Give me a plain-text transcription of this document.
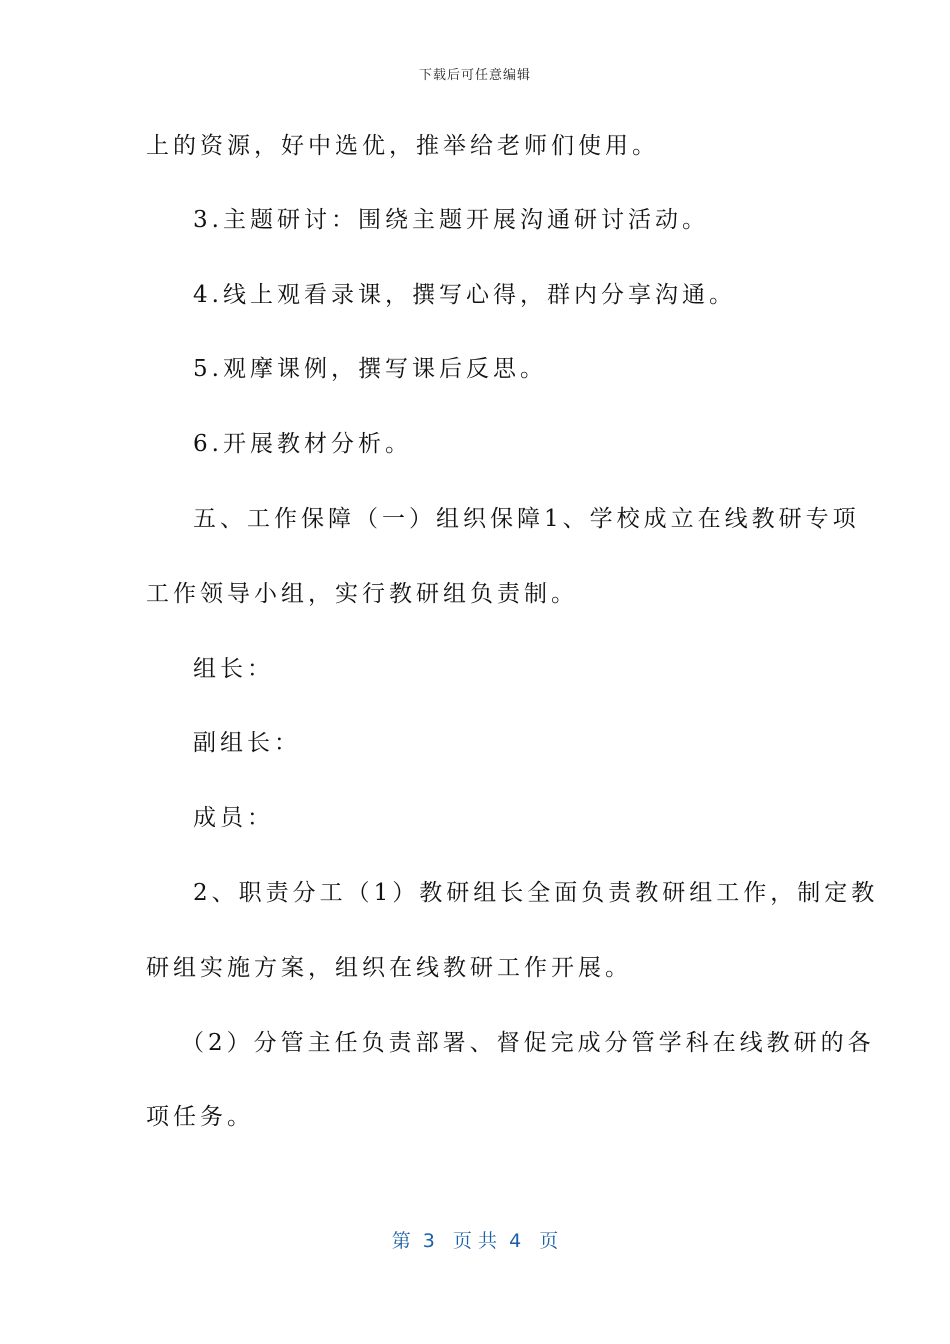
下载后可任意编辑
上的资源，好中选优，推举给老师们使用。
3.主题研讨：围绕主题开展沟通研讨活动。
4.线上观看录课，撰写心得，群内分享沟通。
5.观摩课例，撰写课后反思。
6.开展教材分析。
五、工作保障（一）组织保障1、学校成立在线教研专项
工作领导小组，实行教研组负责制。
组长：
副组长：
成员：
2、职责分工（1）教研组长全面负责教研组工作，制定教
研组实施方案，组织在线教研工作开展。
（2）分管主任负责部署、督促完成分管学科在线教研的各
项任务。
第  3   页 共  4   页
